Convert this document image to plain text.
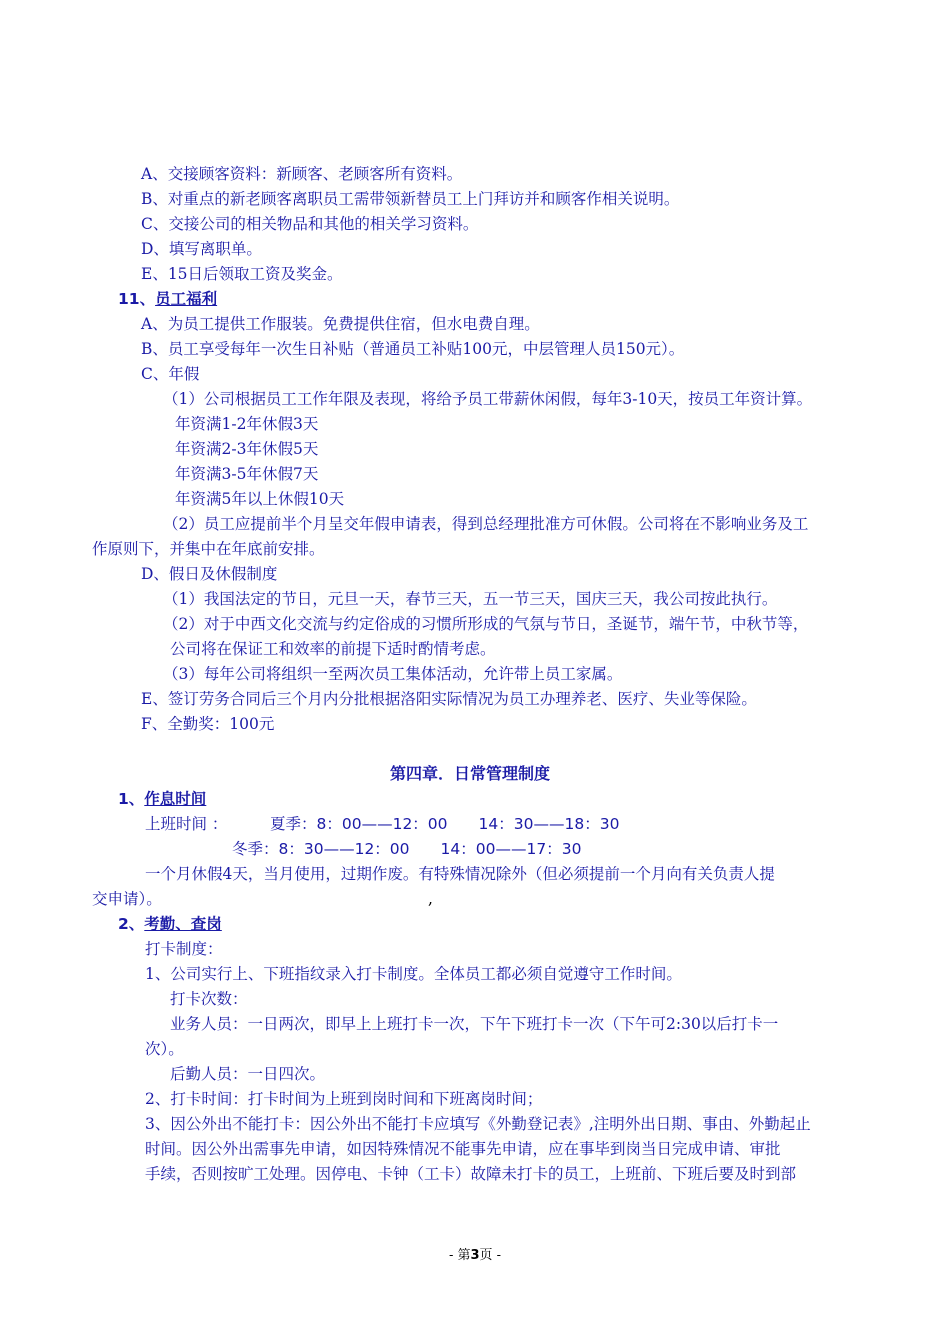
A、交接顾客资料：新顾客、老顾客所有资料。
B、对重点的新老顾客离职员工需带领新替员工上门拜访并和顾客作相关说明。
C、交接公司的相关物品和其他的相关学习资料。
D、填写离职单。
E、15日后领取工资及奖金。
11、员工福利
A、为员工提供工作服装。免费提供住宿，但水电费自理。
B、员工享受每年一次生日补贴（普通员工补贴100元，中层管理人员150元）。
C、年假
（1）公司根据员工工作年限及表现，将给予员工带薪休闲假，每年3-10天，按员工年资计算。
年资满1-2年休假3天
年资满2-3年休假5天
年资满3-5年休假7天
年资满5年以上休假10天
（2）员工应提前半个月呈交年假申请表，得到总经理批准方可休假。公司将在不影响业务及工
作原则下，并集中在年底前安排。
D、假日及休假制度
（1）我国法定的节日，元旦一天，春节三天，五一节三天，国庆三天，我公司按此执行。
（2）对于中西文化交流与约定俗成的习惯所形成的气氛与节日，圣诞节，端午节，中秋节等，
公司将在保证工和效率的前提下适时酌情考虑。
（3）每年公司将组织一至两次员工集体活动，允许带上员工家属。
E、签订劳务合同后三个月内分批根据洛阳实际情况为员工办理养老、医疗、失业等保险。
F、全勤奖：100元
第四章．日常管理制度
1、作息时间
上班时间 ：	夏季：8：00——12：00　　14：30——18：30
冬季：8：30——12：00　　14：00——17：30
一个月休假4天，当月使用，过期作废。有特殊情况除外（但必须提前一个月向有关负责人提
交申请）。	,
2、考勤、查岗
打卡制度：
1、公司实行上、下班指纹录入打卡制度。全体员工都必须自觉遵守工作时间。
打卡次数：
业务人员：一日两次，即早上上班打卡一次，下午下班打卡一次（下午可2:30以后打卡一
次）。
后勤人员：一日四次。
2、打卡时间：打卡时间为上班到岗时间和下班离岗时间；
3、因公外出不能打卡：因公外出不能打卡应填写《外勤登记表》,注明外出日期、事由、外勤起止
时间。因公外出需事先申请，如因特殊情况不能事先申请，应在事毕到岗当日完成申请、审批
手续，否则按旷工处理。因停电、卡钟（工卡）故障未打卡的员工，上班前、下班后要及时到部
- 第3页 -
